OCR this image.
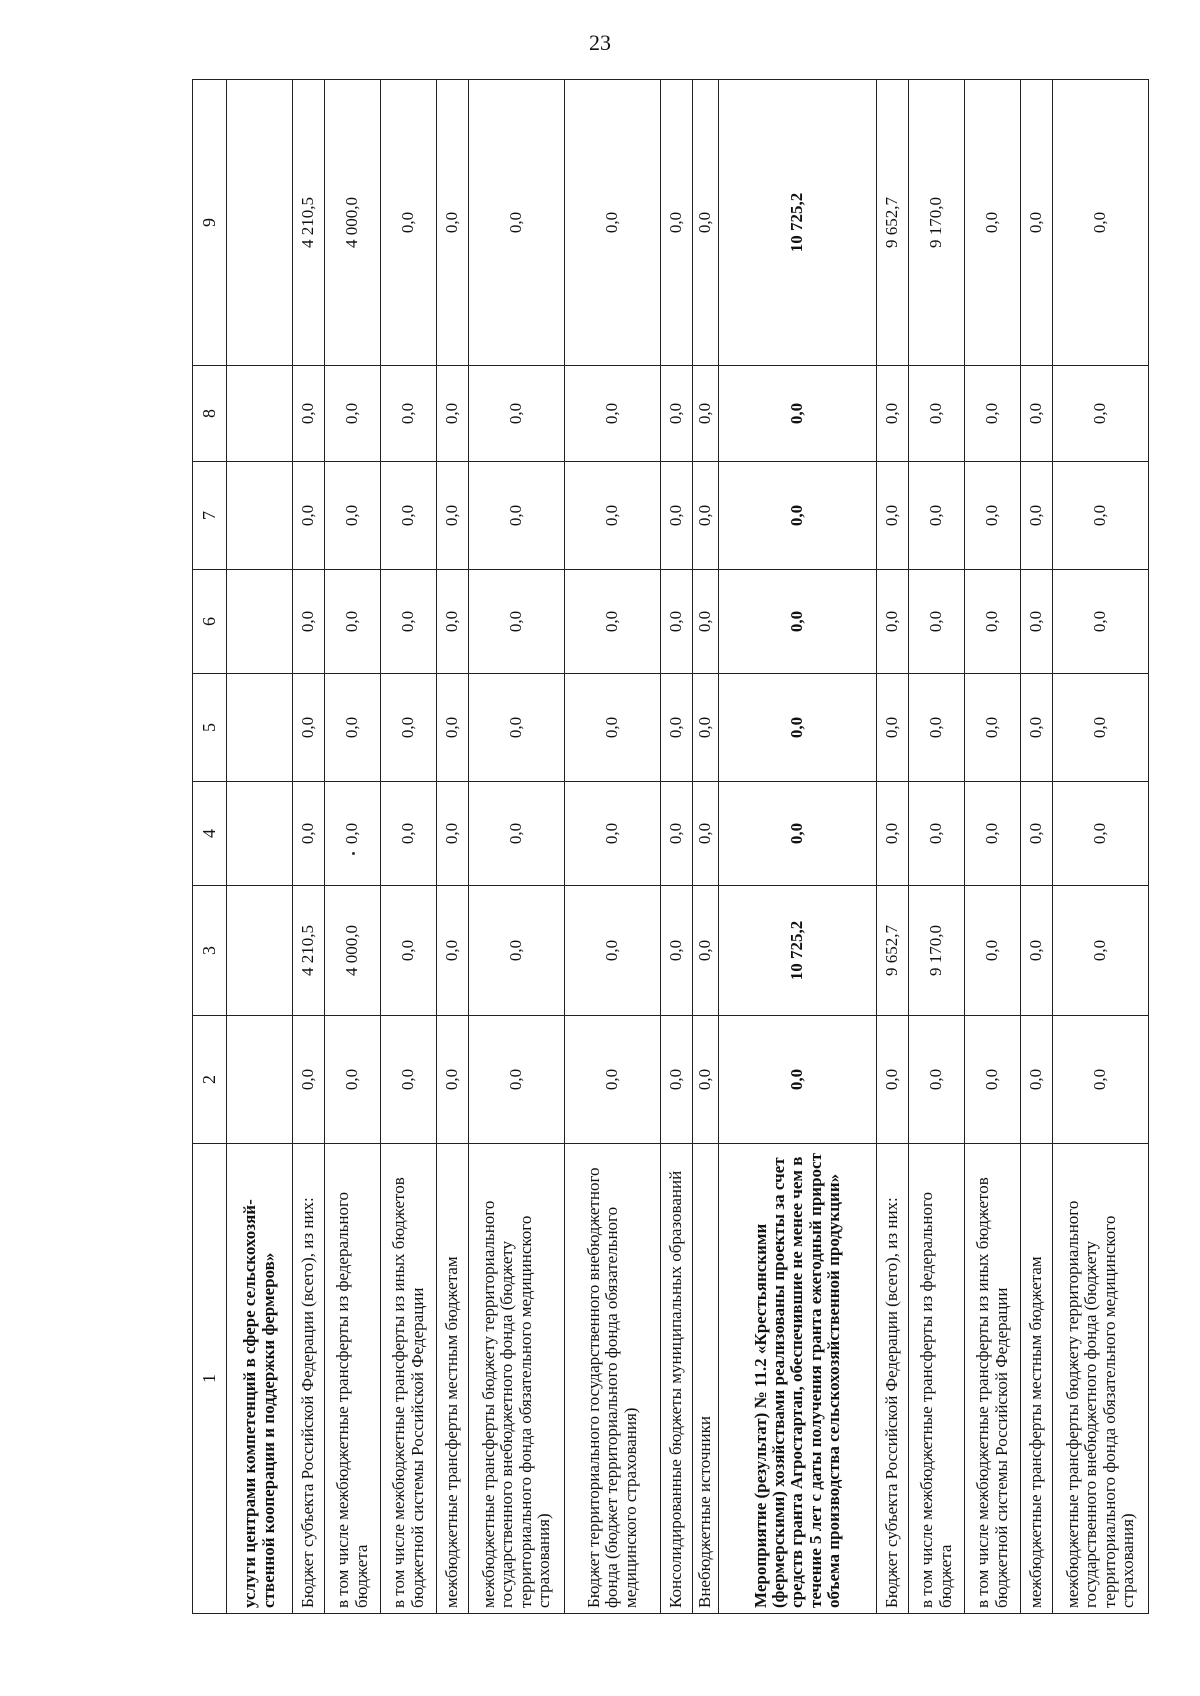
23
1	2	3	4	5	6	7	8	9
услуги центрами компетенций в сфере сельскохозяй-ственной кооперации и поддержки фермеров»								
Бюджет субъекта Российской Федерации (всего), из них:	0,0	4 210,5	0,0	0,0	0,0	0,0	0,0	4 210,5
в том числе межбюджетные трансферты из федерального бюджета	0,0	4 000,0	0,0	0,0	0,0	0,0	0,0	4 000,0
в том числе межбюджетные трансферты из иных бюджетов бюджетной системы Российской Федерации	0,0	0,0	0,0	0,0	0,0	0,0	0,0	0,0
межбюджетные трансферты местным бюджетам	0,0	0,0	0,0	0,0	0,0	0,0	0,0	0,0
межбюджетные трансферты бюджету территориального государственного внебюджетного фонда (бюджету территориального фонда обязательного медицинского страхования)	0,0	0,0	0,0	0,0	0,0	0,0	0,0	0,0
Бюджет территориального государственного внебюджетного фонда (бюджет территориального фонда обязательного медицинского страхования)	0,0	0,0	0,0	0,0	0,0	0,0	0,0	0,0
Консолидированные бюджеты муниципальных образований	0,0	0,0	0,0	0,0	0,0	0,0	0,0	0,0
Внебюджетные источники	0,0	0,0	0,0	0,0	0,0	0,0	0,0	0,0
Мероприятие (результат) № 11.2 «Крестьянскими (фермерскими) хозяйствами реализованы проекты за счет средств гранта Агростартап, обеспечившие не менее чем в течение 5 лет с даты получения гранта ежегодный прирост объема производства сельскохозяйственной продукции»	0,0	10 725,2	0,0	0,0	0,0	0,0	0,0	10 725,2
Бюджет субъекта Российской Федерации (всего), из них:	0,0	9 652,7	0,0	0,0	0,0	0,0	0,0	9 652,7
в том числе межбюджетные трансферты из федерального бюджета	0,0	9 170,0	0,0	0,0	0,0	0,0	0,0	9 170,0
в том числе межбюджетные трансферты из иных бюджетов бюджетной системы Российской Федерации	0,0	0,0	0,0	0,0	0,0	0,0	0,0	0,0
межбюджетные трансферты местным бюджетам	0,0	0,0	0,0	0,0	0,0	0,0	0,0	0,0
межбюджетные трансферты бюджету территориального государственного внебюджетного фонда (бюджету территориального фонда обязательного медицинского страхования)	0,0	0,0	0,0	0,0	0,0	0,0	0,0	0,0
